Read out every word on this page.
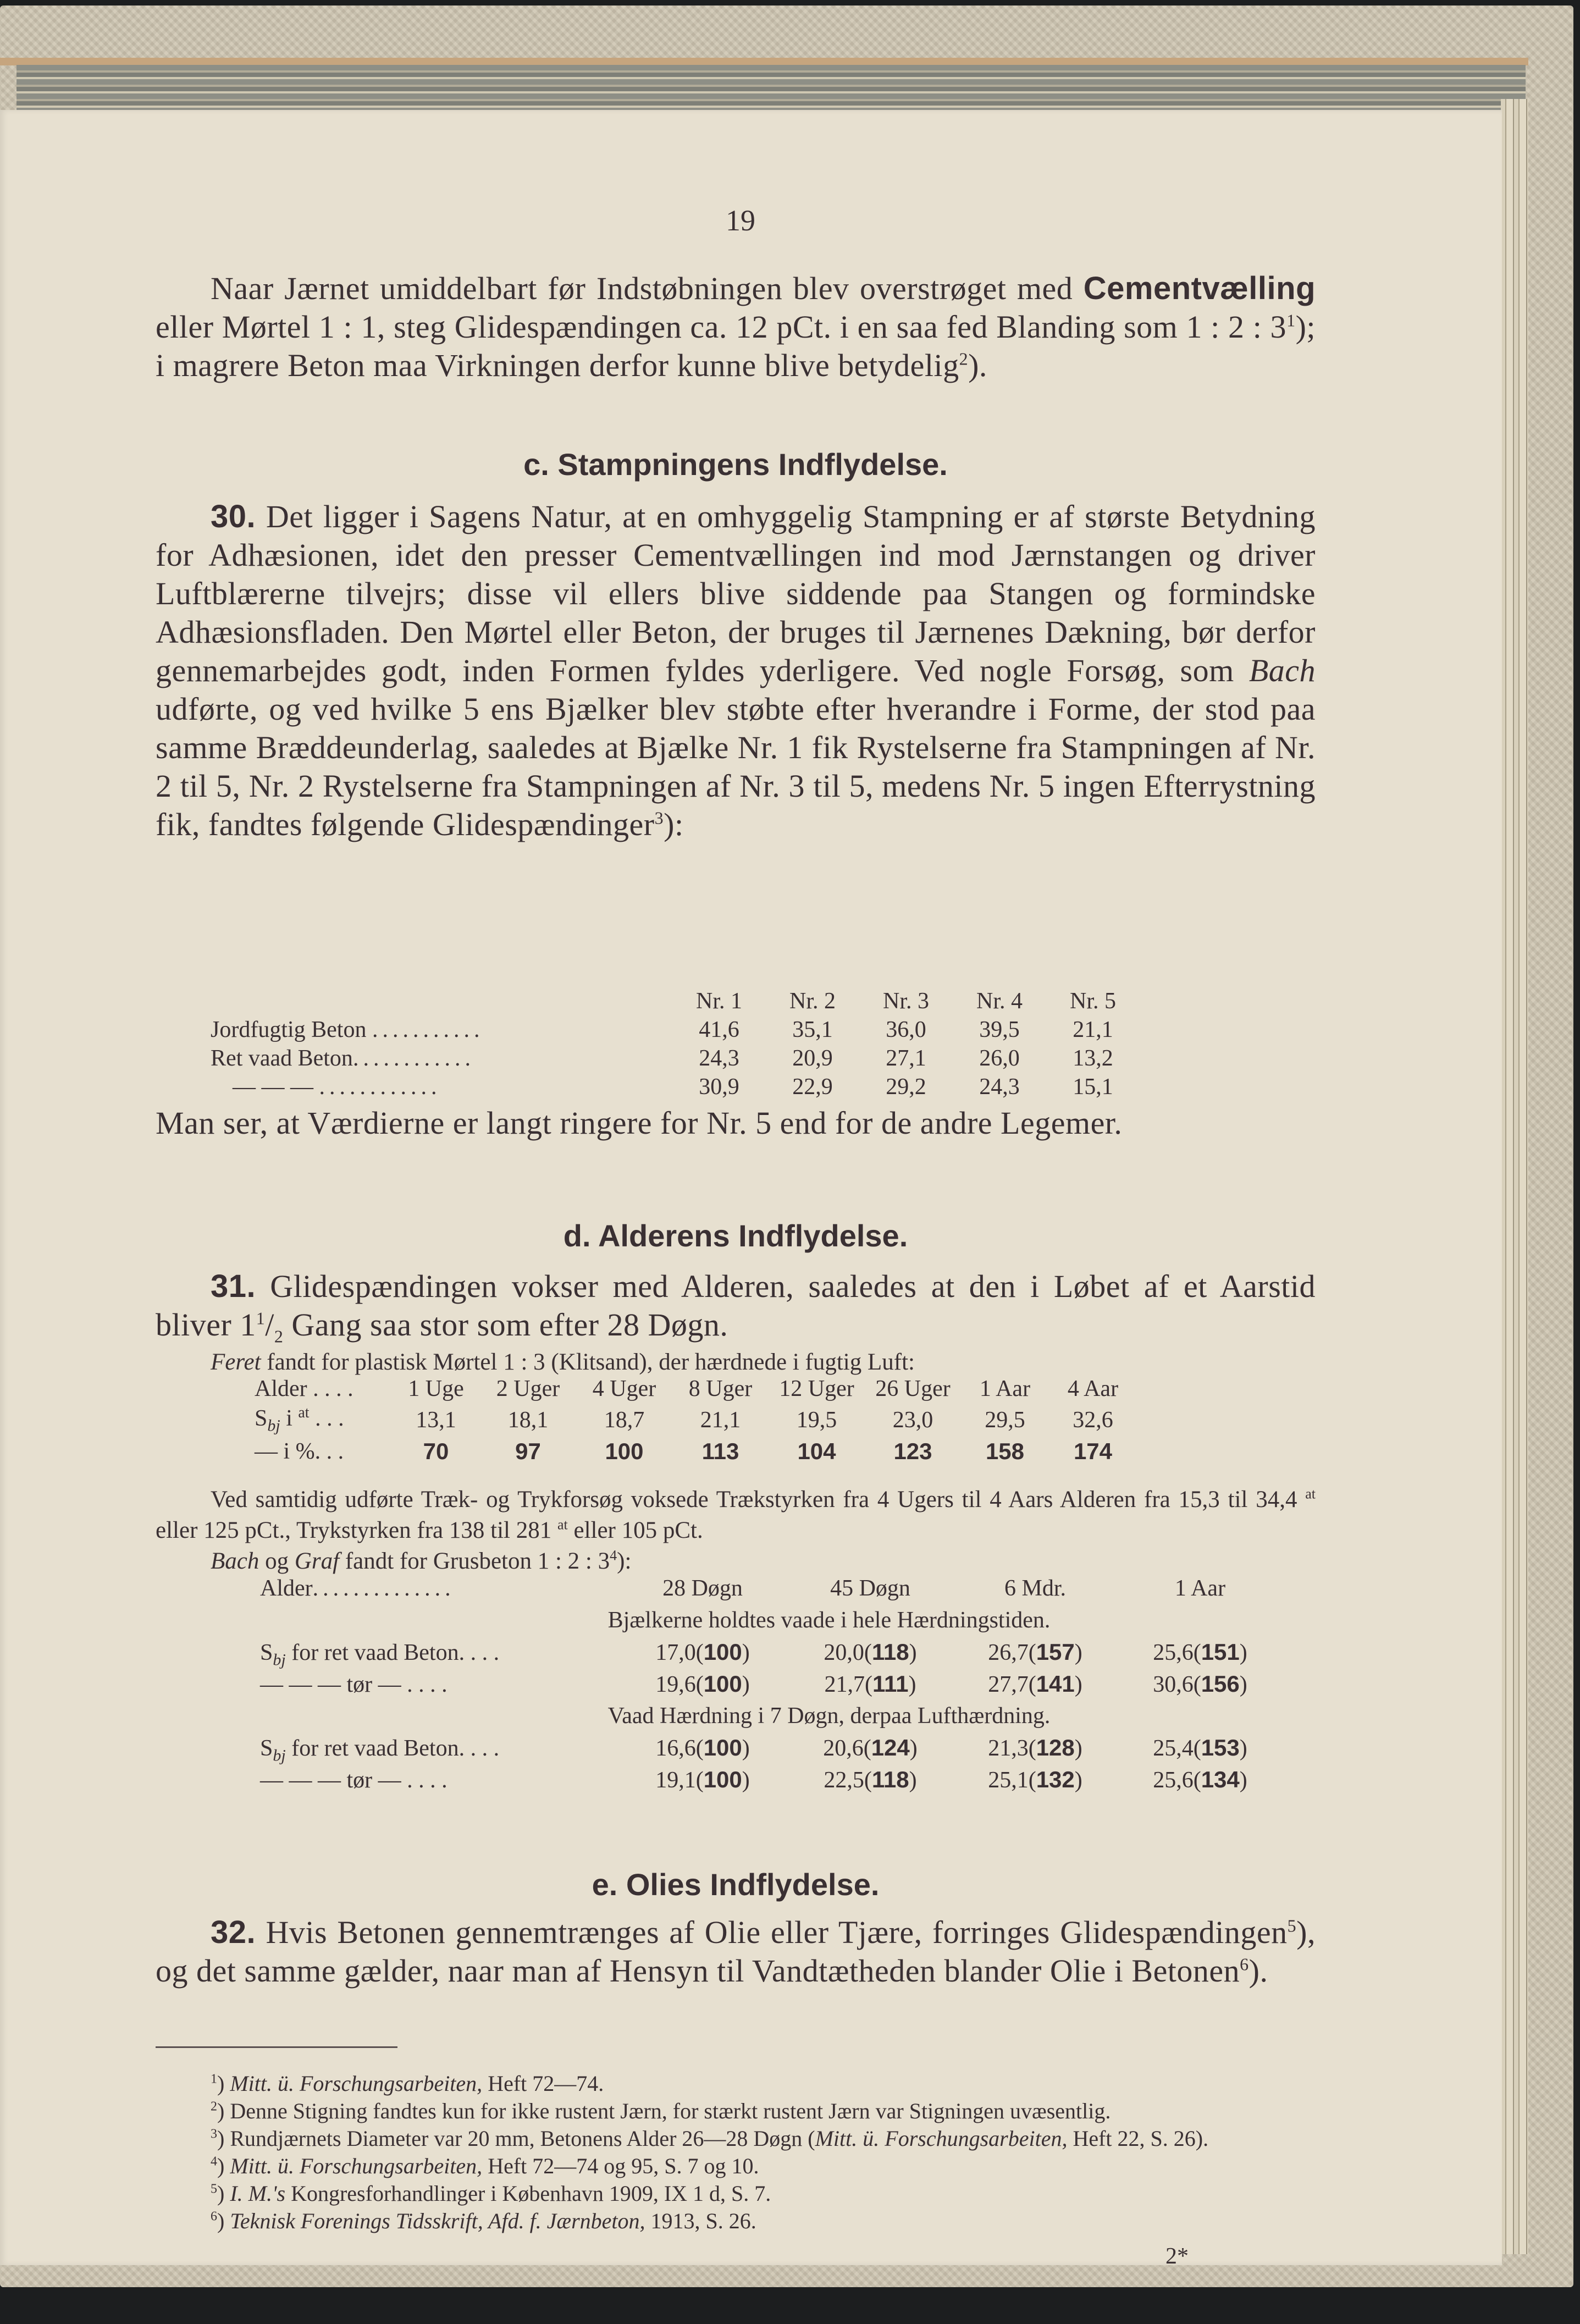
19

Naar Jærnet umiddelbart før Indstøbningen blev overstrøget med Cementvælling eller Mørtel 1 : 1, steg Glidespændingen ca. 12 pCt. i en saa fed Blanding som 1 : 2 : $3^1$); i magrere Beton maa Virkningen derfor kunne blive betydelig$^2$).

c. Stampningens Indflydelse.

30. Det ligger i Sagens Natur, at en omhyggelig Stampning er af største Betydning for Adhæsionen, idet den presser Cementvællingen ind mod Jærnstangen og driver Luftblærerne tilvejrs; disse vil ellers blive siddende paa Stangen og formindske Adhæsionsfladen. Den Mørtel eller Beton, der bruges til Jærnenes Dækning, bør derfor gennemarbejdes godt, inden Formen fyldes yderligere. Ved nogle Forsøg, som Bach udførte, og ved hvilke 5 ens Bjælker blev støbte efter hverandre i Forme, der stod paa samme Bræddeunderlag, saaledes at Bjælke Nr. 1 fik Rystelserne fra Stampningen af Nr. 2 til 5, Nr. 2 Rystelserne fra Stampningen af Nr. 3 til 5, medens Nr. 5 ingen Efterrystning fik, fandtes følgende Glidespændinger$^3$):

	Nr. 1	Nr. 2	Nr. 3	Nr. 4	Nr. 5
Jordfugtig Beton ...........	41,6	35,1	36,0	39,5	21,1
Ret vaad Beton............	24,3	20,9	27,1	26,0	13,2
— — — ............	30,9	22,9	29,2	24,3	15,1

Man ser, at Værdierne er langt ringere for Nr. 5 end for de andre Legemer.

d. Alderens Indflydelse.

31. Glidespændingen vokser med Alderen, saaledes at den i Løbet af et Aarstid bliver $1^1/_2$ Gang saa stor som efter 28 Døgn.

Feret fandt for plastisk Mørtel 1 : 3 (Klitsand), der hærdnede i fugtig Luft:

Alder . . . .	1 Uge	2 Uger	4 Uger	8 Uger	12 Uger	26 Uger	1 Aar	4 Aar
$S_{bj}$ i $^{at}$ . . .	13,1	18,1	18,7	21,1	19,5	23,0	29,5	32,6
— i %. . .	70	97	100	113	104	123	158	174

Ved samtidig udførte Træk- og Trykforsøg voksede Trækstyrken fra 4 Ugers til 4 Aars Alderen fra 15,3 til 34,4 $^{at}$ eller 125 pCt., Trykstyrken fra 138 til 281 $^{at}$ eller 105 pCt.

Bach og Graf fandt for Grusbeton 1 : 2 : $3^4$):

Alder..............	28 Døgn	45 Døgn	6 Mdr.	1 Aar
Bjælkerne holdtes vaade i hele Hærdningstiden.
$S_{bj}$ for ret vaad Beton. . . .	17,0(100)	20,0(118)	26,7(157)	25,6(151)
— — — tør — . . . .	19,6(100)	21,7(111)	27,7(141)	30,6(156)
Vaad Hærdning i 7 Døgn, derpaa Lufthærdning.
$S_{bj}$ for ret vaad Beton. . . .	16,6(100)	20,6(124)	21,3(128)	25,4(153)
— — — tør — . . . .	19,1(100)	22,5(118)	25,1(132)	25,6(134)
e. Olies Indflydelse.

32. Hvis Betonen gennemtrænges af Olie eller Tjære, forringes Glidespændingen$^5$), og det samme gælder, naar man af Hensyn til Vandtætheden blander Olie i Betonen$^6$).

$^1$) Mitt. ü. Forschungsarbeiten, Heft 72—74.

$^2$) Denne Stigning fandtes kun for ikke rustent Jærn, for stærkt rustent Jærn var Stigningen uvæsentlig.

$^3$) Rundjærnets Diameter var 20 mm, Betonens Alder 26—28 Døgn (Mitt. ü. Forschungsarbeiten, Heft 22, S. 26).

$^4$) Mitt. ü. Forschungsarbeiten, Heft 72—74 og 95, S. 7 og 10.

$^5$) I. M.'s Kongresforhandlinger i København 1909, IX 1 d, S. 7.

$^6$) Teknisk Forenings Tidsskrift, Afd. f. Jærnbeton, 1913, S. 26.

2*
